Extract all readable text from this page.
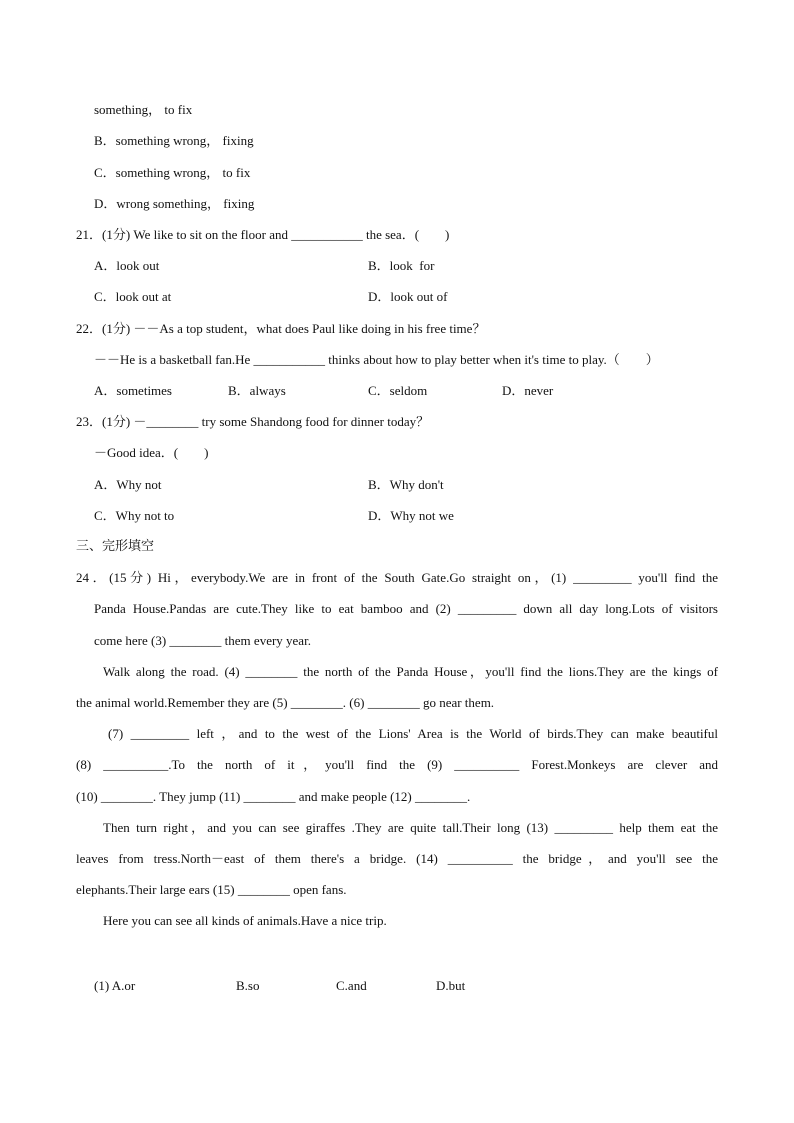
something， to fix
B．something wrong， fixing
C．something wrong， to fix
D．wrong something， fixing
21．(1分) We like to sit on the floor and ___________ the sea．(　　)
A．look out	B．look  for
C．look out at	D．look out of
22．(1分) －－As a top student，what does Paul like doing in his free time？
－－He is a basketball fan.He ___________ thinks about how to play better when it's time to play.（　　）
A．sometimes	B．always	C．seldom	D．never
23．(1分) －________ try some Shandong food for dinner today？
－Good idea．(　　)
A．Why not	B．Why don't
C．Why not to	D．Why not we
三、完形填空
24．(15分) Hi，everybody.We are in front of the South Gate.Go straight on，(1) _________ you'll find the
Panda House.Pandas are cute.They like to eat bamboo and (2) _________ down all day long.Lots of visitors
come here (3) ________ them every year.
Walk along the road. (4) ________ the north of the Panda House，you'll find the lions.They are the kings of
the animal world.Remember they are (5) ________. (6) ________ go near them.
(7) _________ left ，and to the west of the Lions' Area is the World of birds.They can make beautiful
(8) __________.To the north of it，you'll find the (9) __________ Forest.Monkeys are clever and
(10) ________. They jump (11) ________ and make people (12) ________.
Then turn right，and you can see giraffes .They are quite tall.Their long (13) _________ help them eat the
leaves from tress.North－east of them there's a bridge. (14) __________ the bridge，and you'll see the
elephants.Their large ears (15) ________ open fans.
Here you can see all kinds of animals.Have a nice trip.
(1) A.or	B.so	C.and	D.but
